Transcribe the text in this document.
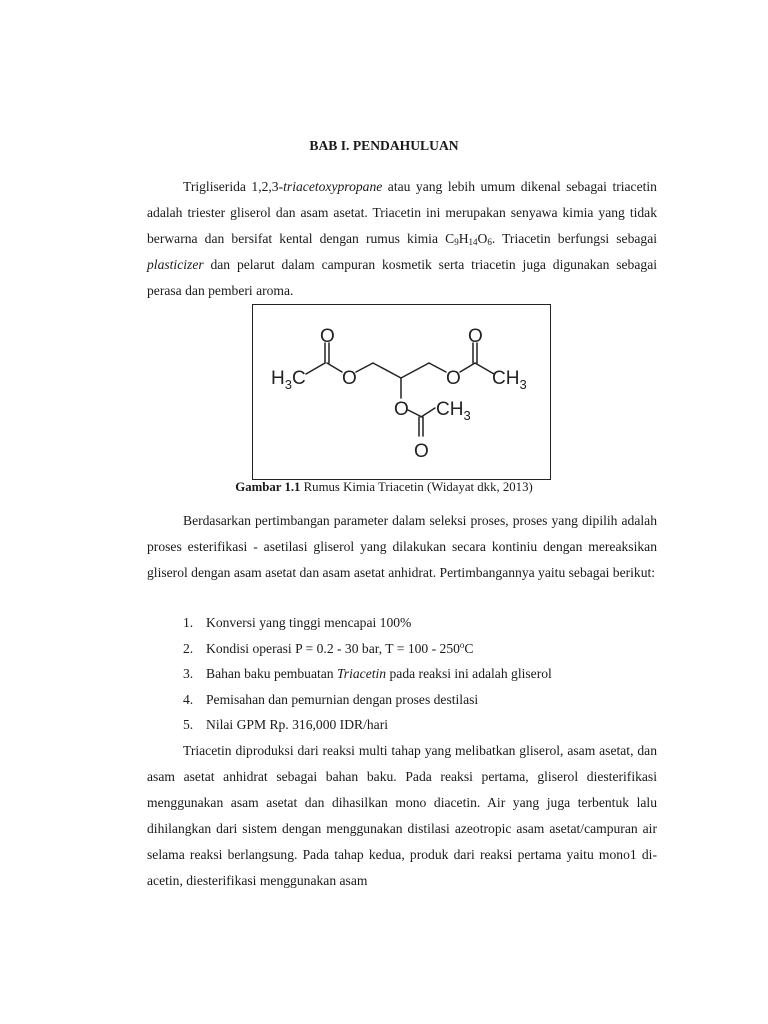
BAB I. PENDAHULUAN

Trigliserida 1,2,3-triacetoxypropane atau yang lebih umum dikenal sebagai triacetin adalah triester gliserol dan asam asetat. Triacetin ini merupakan senyawa kimia yang tidak berwarna dan bersifat kental dengan rumus kimia $C_9H_{14}O_6$. Triacetin berfungsi sebagai plasticizer dan pelarut dalam campuran kosmetik serta triacetin juga digunakan sebagai perasa dan pemberi aroma.

$H_3C$
O
O	O
O
$CH_3$
O $CH_3$
O
Gambar 1.1 Rumus Kimia Triacetin (Widayat dkk, 2013)

Berdasarkan pertimbangan parameter dalam seleksi proses, proses yang dipilih adalah proses esterifikasi - asetilasi gliserol yang dilakukan secara kontiniu dengan mereaksikan gliserol dengan asam asetat dan asam asetat anhidrat. Pertimbangannya yaitu sebagai berikut:

1. Konversi yang tinggi mencapai 100%
2. Kondisi operasi P = 0.2 - 30 bar, T = 100 - 250$^o$C
3. Bahan baku pembuatan Triacetin pada reaksi ini adalah gliserol
4. Pemisahan dan pemurnian dengan proses destilasi
5. Nilai GPM Rp. 316,000 IDR/hari

Triacetin diproduksi dari reaksi multi tahap yang melibatkan gliserol, asam asetat, dan asam asetat anhidrat sebagai bahan baku. Pada reaksi pertama, gliserol diesterifikasi menggunakan asam asetat dan dihasilkan mono diacetin. Air yang juga terbentuk lalu dihilangkan dari sistem dengan menggunakan distilasi azeotropic asam asetat/campuran air selama reaksi berlangsung. Pada tahap kedua, produk dari reaksi pertama yaitu mono1 di-acetin, diesterifikasi menggunakan asam
